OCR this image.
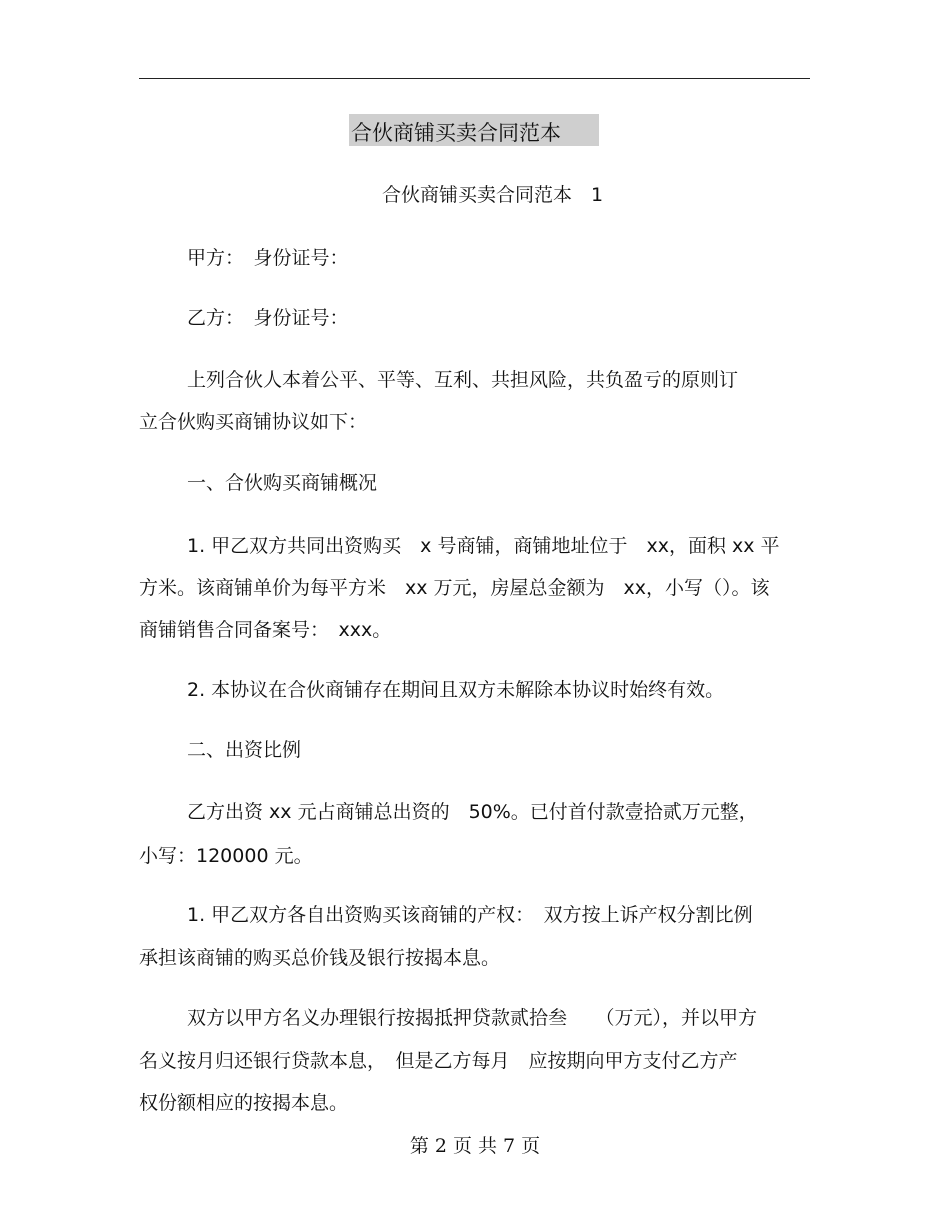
合伙商铺买卖合同范本
合伙商铺买卖合同范本　1
甲方：　身份证号：
乙方：　身份证号：
上列合伙人本着公平、平等、互利、共担风险，共负盈亏的原则订
立合伙购买商铺协议如下：
一、合伙购买商铺概况
1. 甲乙双方共同出资购买　x 号商铺，商铺地址位于　xx，面积 xx 平
方米。该商铺单价为每平方米　xx 万元，房屋总金额为　xx，小写（）。该
商铺销售合同备案号：　xxx。
2. 本协议在合伙商铺存在期间且双方未解除本协议时始终有效。
二、出资比例
乙方出资 xx 元占商铺总出资的　50%。已付首付款壹拾贰万元整，
小写：120000 元。
1. 甲乙双方各自出资购买该商铺的产权：　双方按上诉产权分割比例
承担该商铺的购买总价钱及银行按揭本息。
双方以甲方名义办理银行按揭抵押贷款贰拾叁　　（万元），并以甲方
名义按月归还银行贷款本息，　但是乙方每月　应按期向甲方支付乙方产
权份额相应的按揭本息。
第 2 页 共 7 页
